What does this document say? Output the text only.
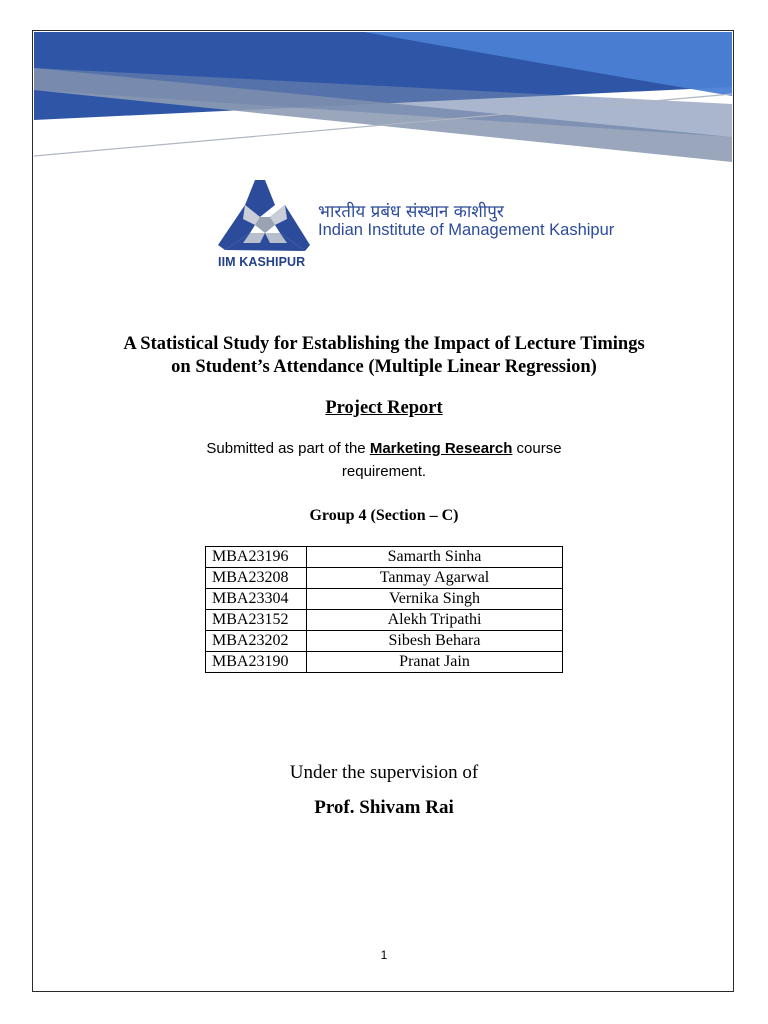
IIM KASHIPUR
भारतीय प्रबंध संस्थान काशीपुर
Indian Institute of Management Kashipur
A Statistical Study for Establishing the Impact of Lecture Timings
on Student’s Attendance (Multiple Linear Regression)
Project Report

Submitted as part of the Marketing Research course
requirement.

Group 4 (Section – C)

MBA23196	Samarth Sinha
MBA23208	Tanmay Agarwal
MBA23304	Vernika Singh
MBA23152	Alekh Tripathi
MBA23202	Sibesh Behara
MBA23190	Pranat Jain

Under the supervision of

Prof. Shivam Rai

1
